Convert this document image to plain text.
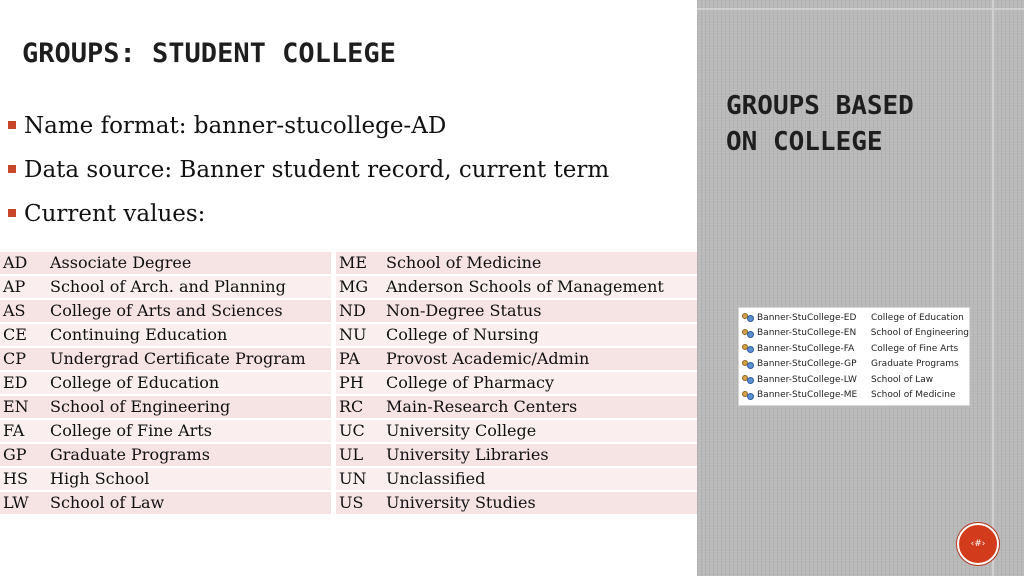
GROUPS: STUDENT COLLEGE
Name format: banner-stucollege-AD
Data source: Banner student record, current term
Current values:
AD	Associate Degree
AP	School of Arch. and Planning
AS	College of Arts and Sciences
CE	Continuing Education
CP	Undergrad Certificate Program
ED	College of Education
EN	School of Engineering
FA	College of Fine Arts
GP	Graduate Programs
HS	High School
LW	School of Law
ME	School of Medicine
MG	Anderson Schools of Management
ND	Non-Degree Status
NU	College of Nursing
PA	Provost Academic/Admin
PH	College of Pharmacy
RC	Main-Research Centers
UC	University College
UL	University Libraries
UN	Unclassified
US	University Studies
GROUPS BASED
ON COLLEGE
Banner-StuCollege-ED	College of Education
Banner-StuCollege-EN	School of Engineering
Banner-StuCollege-FA	College of Fine Arts
Banner-StuCollege-GP	Graduate Programs
Banner-StuCollege-LW	School of Law
Banner-StuCollege-ME	School of Medicine
‹#›
